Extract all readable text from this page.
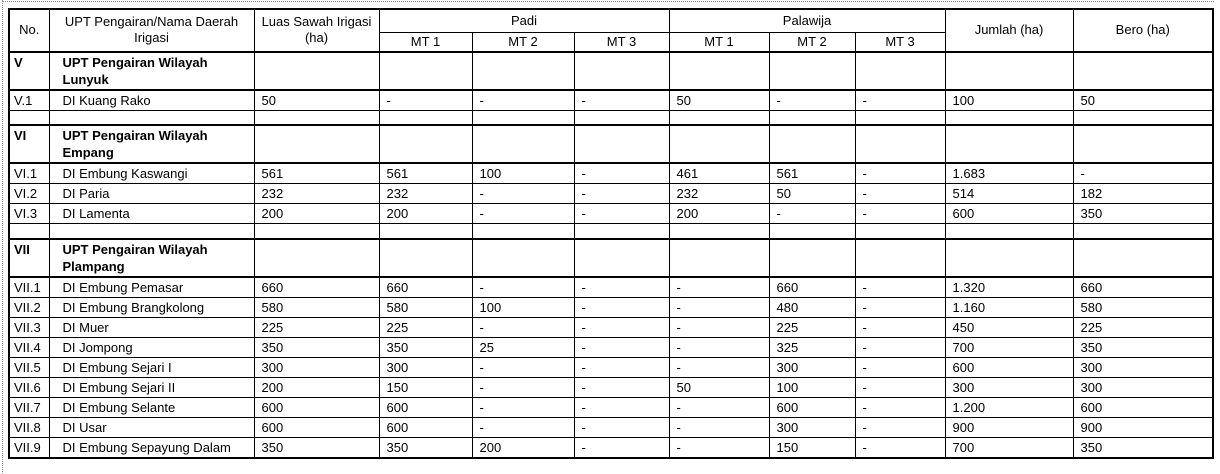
No.	UPT Pengairan/Nama Daerah Irigasi	Luas Sawah Irigasi (ha)	Padi			Palawija			Jumlah (ha)	Bero (ha)
			MT 1	MT 2	MT 3	MT 1	MT 2	MT 3		
V	UPT Pengairan Wilayah Lunyuk									
V.1	DI Kuang Rako	50	-	-	-	50	-	-	100	50

VI	UPT Pengairan Wilayah Empang									
VI.1	DI Embung Kaswangi	561	561	100	-	461	561	-	1.683	-
VI.2	DI Paria	232	232	-	-	232	50	-	514	182
VI.3	DI Lamenta	200	200	-	-	200	-	-	600	350

VII	UPT Pengairan Wilayah Plampang									
VII.1	DI Embung Pemasar	660	660	-	-	-	660	-	1.320	660
VII.2	DI Embung Brangkolong	580	580	100	-	-	480	-	1.160	580
VII.3	DI Muer	225	225	-	-	-	225	-	450	225
VII.4	DI Jompong	350	350	25	-	-	325	-	700	350
VII.5	DI Embung Sejari I	300	300	-	-	-	300	-	600	300
VII.6	DI Embung Sejari II	200	150	-	-	50	100	-	300	300
VII.7	DI Embung Selante	600	600	-	-	-	600	-	1.200	600
VII.8	DI Usar	600	600	-	-	-	300	-	900	900
VII.9	DI Embung Sepayung Dalam	350	350	200	-	-	150	-	700	350
